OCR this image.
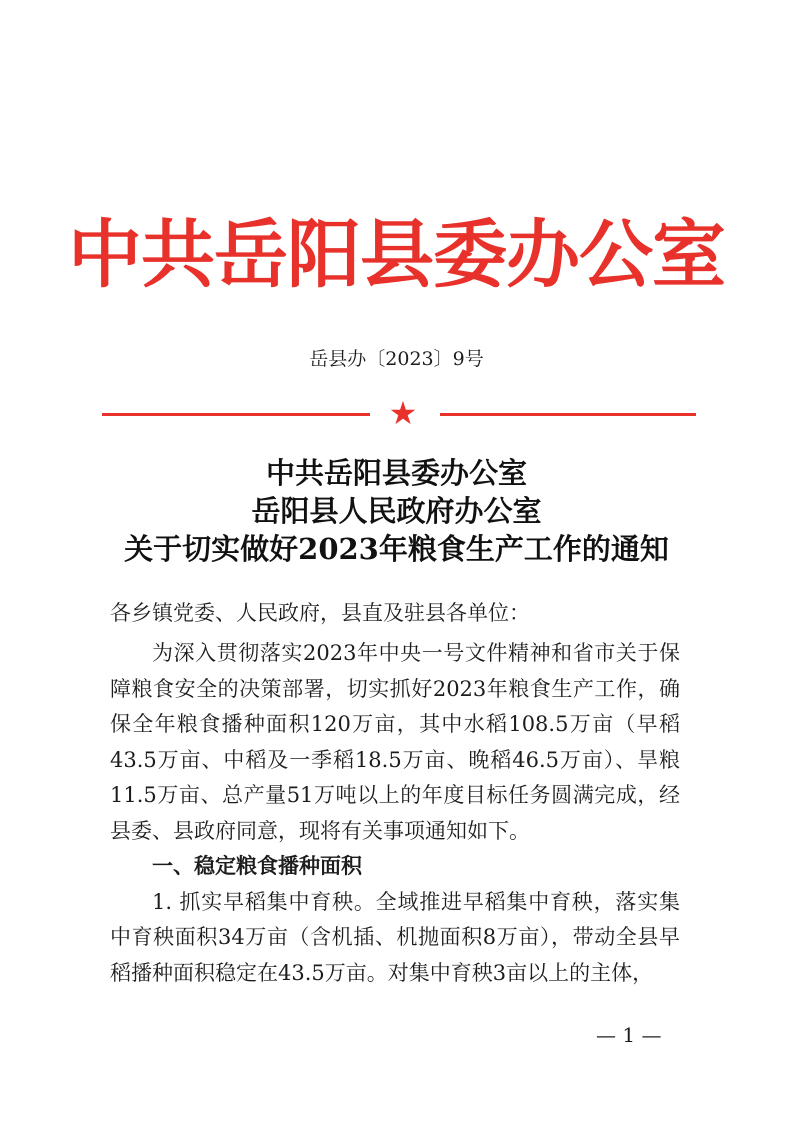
中共岳阳县委办公室
岳县办〔2023〕9号
★
中共岳阳县委办公室
岳阳县人民政府办公室
关于切实做好2023年粮食生产工作的通知
各乡镇党委、人民政府，县直及驻县各单位：

为深入贯彻落实2023年中央一号文件精神和省市关于保障粮食安全的决策部署，切实抓好2023年粮食生产工作，确保全年粮食播种面积120万亩，其中水稻108.5万亩（早稻43.5万亩、中稻及一季稻18.5万亩、晚稻46.5万亩）、旱粮11.5万亩、总产量51万吨以上的年度目标任务圆满完成，经县委、县政府同意，现将有关事项通知如下。

一、稳定粮食播种面积

1. 抓实早稻集中育秧。全域推进早稻集中育秧，落实集中育秧面积34万亩（含机插、机抛面积8万亩），带动全县早稻播种面积稳定在43.5万亩。对集中育秧3亩以上的主体，

— 1 —
